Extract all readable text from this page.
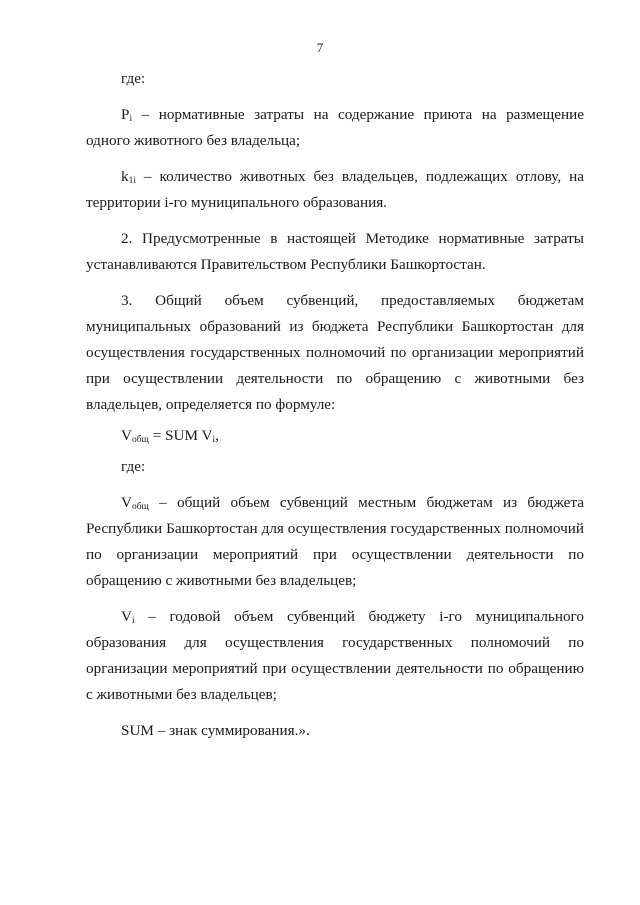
7

где:

$P_i$ – нормативные затраты на содержание приюта на размещение одного животного без владельца;

$k_{1i}$ – количество животных без владельцев, подлежащих отлову, на территории i-го муниципального образования.

2. Предусмотренные в настоящей Методике нормативные затраты устанавливаются Правительством Республики Башкортостан.

3. Общий объем субвенций, предоставляемых бюджетам муниципальных образований из бюджета Республики Башкортостан для осуществления государственных полномочий по организации мероприятий при осуществлении деятельности по обращению с животными без владельцев, определяется по формуле:

$V_{общ}$ = SUM $V_i$,

где:

$V_{общ}$ – общий объем субвенций местным бюджетам из бюджета Республики Башкортостан для осуществления государственных полномочий по организации мероприятий при осуществлении деятельности по обращению с животными без владельцев;

$V_i$ – годовой объем субвенций бюджету i-го муниципального образования для осуществления государственных полномочий по организации мероприятий при осуществлении деятельности по обращению с животными без владельцев;

SUM – знак суммирования.».
